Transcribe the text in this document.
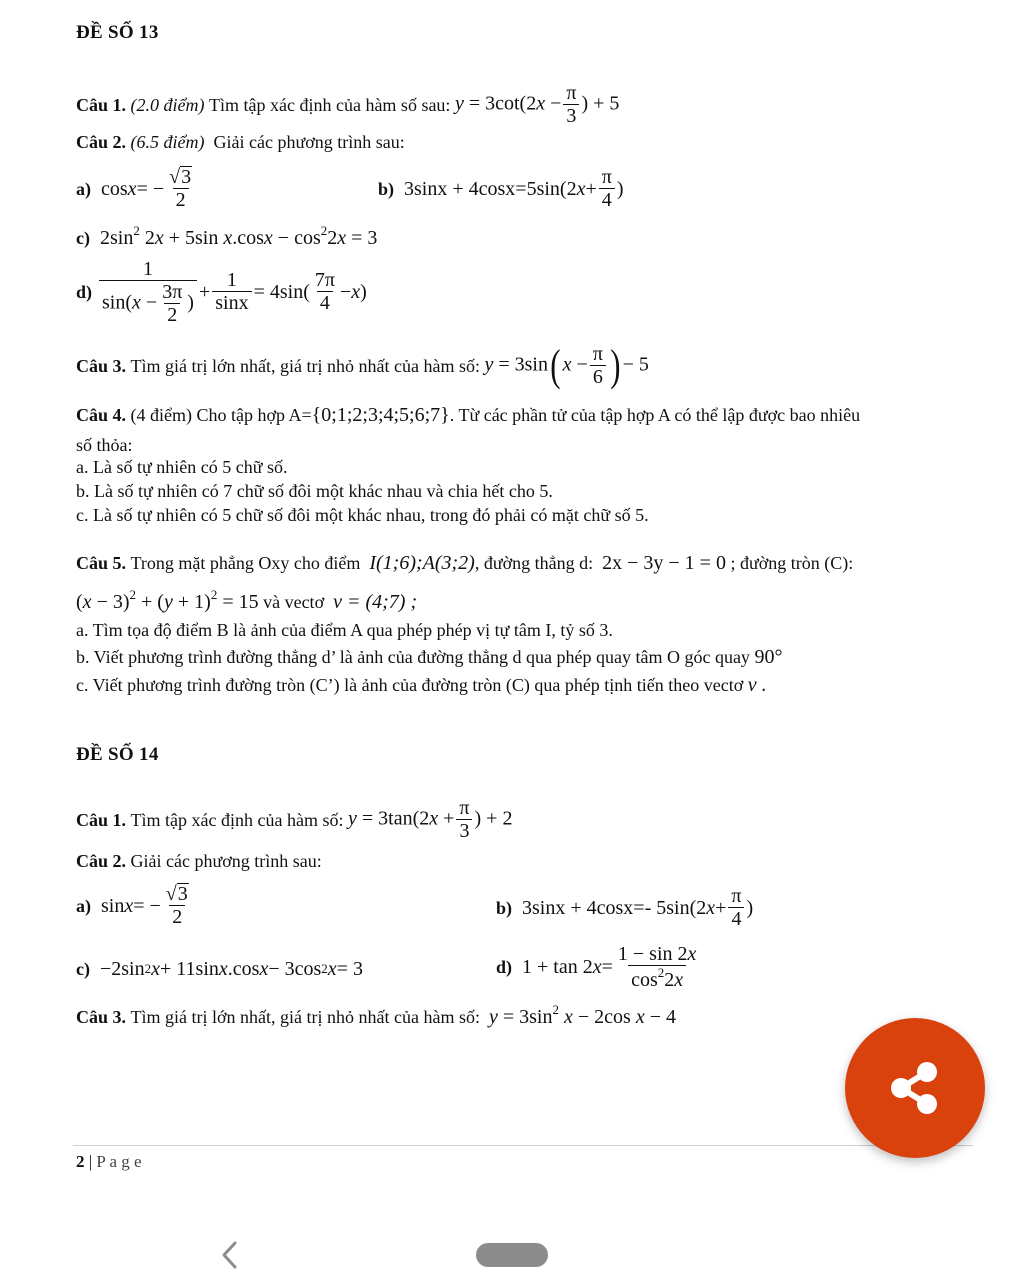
ĐỀ SỐ 13
Câu 1.
(2.0 điểm)
Tìm tập xác định của hàm số sau:
$y = 3\cot(2x - \frac{\pi}{3}$ ) + 5
Câu 2. (6.5 điểm) Giải các phương trình sau:
a) cos x = − $\frac{√ 3}{2}$	b) 3sinx + 4cosx=5sin(2 $x + \frac{\pi}{4}$ )
c)  $2\sin^2$ 2x + 5sin $x.\cos x - \cos^22x = 3$
d)
$\frac{1}{\sin(x - \frac{3\pi}{2} )} + \frac{1}{\sin x} = 4\sin( \frac{7\pi}{4} - x$ )
Câu 3.
Tìm giá trị lớn nhất, giá trị nhỏ nhất của hàm số:
y = 3sin( $x - \frac{\pi}{6}$ ) − 5
Câu 4. (4 điểm) Cho tập hợp A={0;1;2;3;4;5;6;7}. Từ các phần tử của tập hợp A có thể lập được bao nhiêu
số thỏa:
a. Là số tự nhiên có 5 chữ số.
b. Là số tự nhiên có 7 chữ số đôi một khác nhau và chia hết cho 5.
c. Là số tự nhiên có 5 chữ số đôi một khác nhau, trong đó phải có mặt chữ số 5.
Câu 5. Trong mặt phẳng Oxy cho điểm I(1;6);A(3;2), đường thẳng d: 2x − 3y − 1 = 0 ; đường tròn (C):
$(x - 3)^2 + (y + 1)^2 = 15$ và vectơ v = (4;7) ;
a. Tìm tọa độ điểm B là ảnh của điểm A qua phép phép vị tự tâm I, tỷ số 3.
b. Viết phương trình đường thẳng d’ là ảnh của đường thẳng d qua phép quay tâm O góc quay 90°
c. Viết phương trình đường tròn (C’) là ảnh của đường tròn (C) qua phép tịnh tiến theo vectơ v .
ĐỀ SỐ 14
Câu 1.
Tìm tập xác định của hàm số:
$y = 3\tan(2x + \frac{\pi}{3}$ ) + 2
Câu 2. Giải các phương trình sau:
a) sin x = − $\frac{√ 3}{2}$	b) 3sinx + 4cosx=- 5sin(2 $x + \frac{\pi}{4}$ )
c) −2sin 2 x + 11sin x .cos x − 3cos 2 x = 3	d) 1 + tan 2 $x = \frac{1 - \sin 2x}{\cos^22x}$
Câu 3. Tìm giá trị lớn nhất, giá trị nhỏ nhất của hàm số: $y = 3\sin^2$ x − 2cos x − 4
2 | P a g e
